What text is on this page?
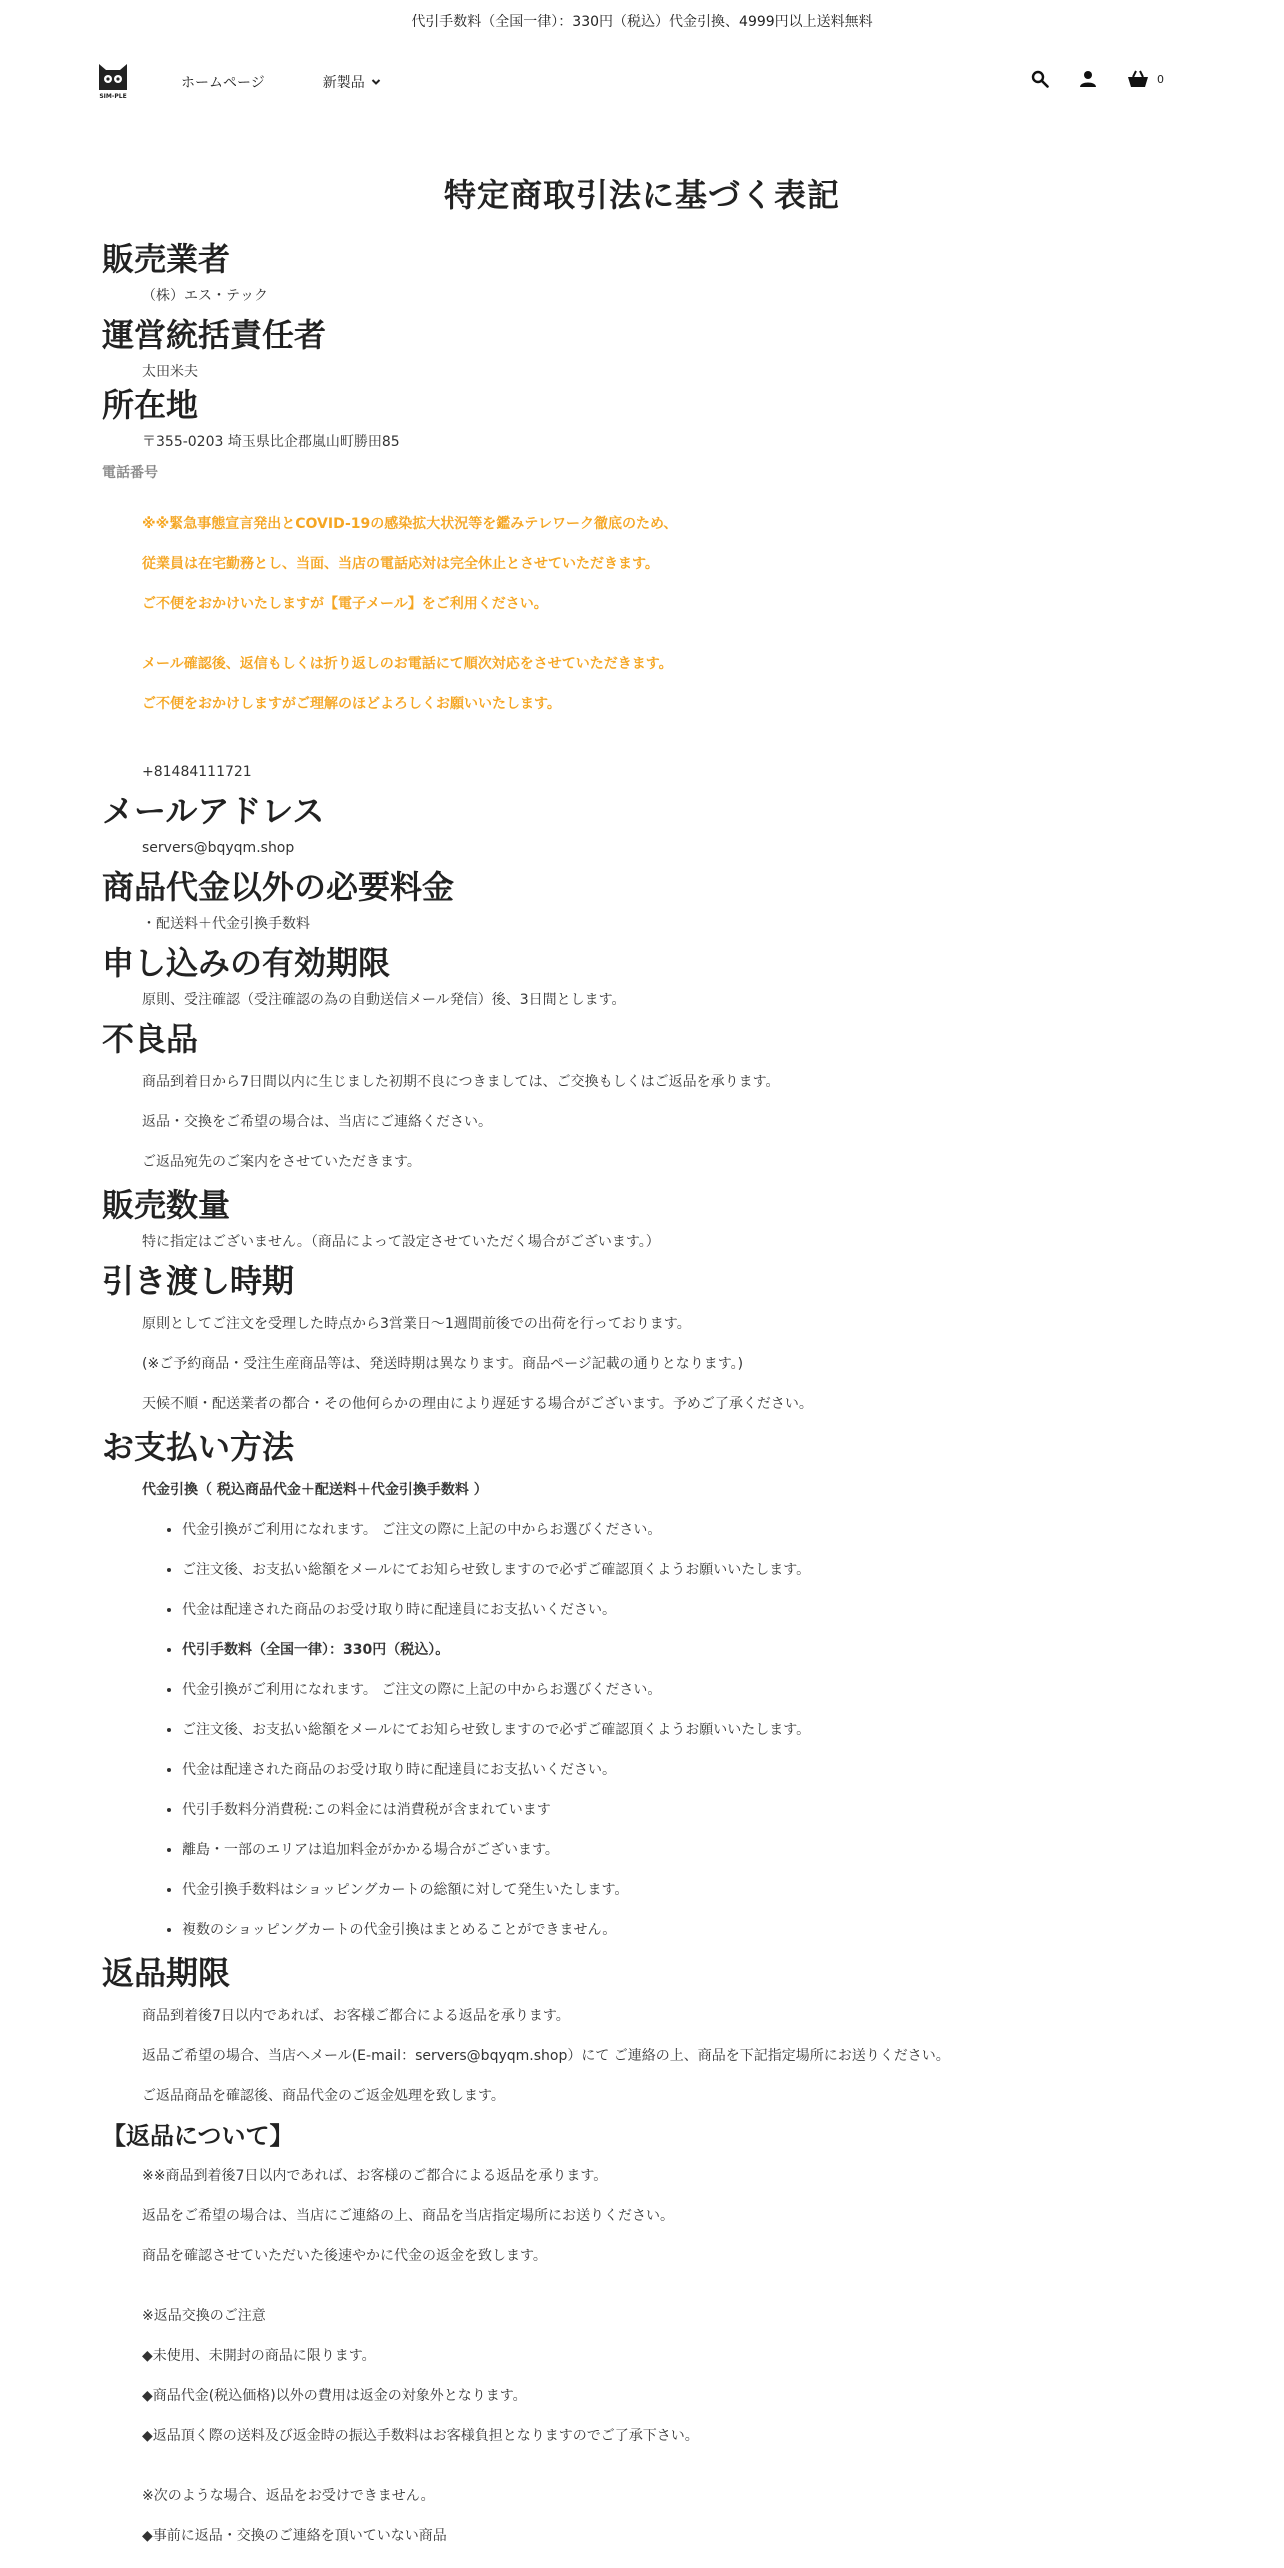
代引手数料（全国一律）：330円（税込）代金引換、4999円以上送料無料
SIM-PLE
ホームページ	新製品	0
特定商取引法に基づく表記
販売業者

（株）エス・テック

運営統括責任者

太田米夫

所在地

〒355-0203 埼玉県比企郡嵐山町勝田85

電話番号
※※緊急事態宣言発出とCOVID-19の感染拡大状況等を鑑みテレワーク徹底のため、
従業員は在宅勤務とし、当面、当店の電話応対は完全休止とさせていただきます。
ご不便をおかけいたしますが【電子メール】をご利用ください。
メール確認後、返信もしくは折り返しのお電話にて順次対応をさせていただきます。
ご不便をおかけしますがご理解のほどよろしくお願いいたします。

+81484111721

メールアドレス

servers@bqyqm.shop

商品代金以外の必要料金

・配送料＋代金引換手数料

申し込みの有効期限

原則、受注確認（受注確認の為の自動送信メール発信）後、3日間とします。

不良品

商品到着日から7日間以内に生じました初期不良につきましては、ご交換もしくはご返品を承ります。

返品・交換をご希望の場合は、当店にご連絡ください。

ご返品宛先のご案内をさせていただきます。

販売数量

特に指定はございません。（商品によって設定させていただく場合がございます。）

引き渡し時期

原則としてご注文を受理した時点から3営業日～1週間前後での出荷を行っております。

(※ご予約商品・受注生産商品等は、発送時期は異なります。商品ページ記載の通りとなります。)

天候不順・配送業者の都合・その他何らかの理由により遅延する場合がございます。予めご了承ください。

お支払い方法

代金引換（ 税込商品代金＋配送料＋代金引換手数料 ）

• 代金引換がご利用になれます。 ご注文の際に上記の中からお選びください。
• ご注文後、お支払い総額をメールにてお知らせ致しますので必ずご確認頂くようお願いいたします。
• 代金は配達された商品のお受け取り時に配達員にお支払いください。
• 代引手数料（全国一律）：330円（税込）。
• 代金引換がご利用になれます。 ご注文の際に上記の中からお選びください。
• ご注文後、お支払い総額をメールにてお知らせ致しますので必ずご確認頂くようお願いいたします。
• 代金は配達された商品のお受け取り時に配達員にお支払いください。
• 代引手数料分消費税:この料金には消費税が含まれています
• 離島・一部のエリアは追加料金がかかる場合がございます。
• 代金引換手数料はショッピングカートの総額に対して発生いたします。
• 複数のショッピングカートの代金引換はまとめることができません。
返品期限

商品到着後7日以内であれば、お客様ご都合による返品を承ります。

返品ご希望の場合、当店へメール(E-mail：servers@bqyqm.shop）にて ご連絡の上、商品を下記指定場所にお送りください。

ご返品商品を確認後、商品代金のご返金処理を致します。

【返品について】

※※商品到着後7日以内であれば、お客様のご都合による返品を承ります。

返品をご希望の場合は、当店にご連絡の上、商品を当店指定場所にお送りください。

商品を確認させていただいた後速やかに代金の返金を致します。

※返品交換のご注意

◆未使用、未開封の商品に限ります。

◆商品代金(税込価格)以外の費用は返金の対象外となります。

◆返品頂く際の送料及び返金時の振込手数料はお客様負担となりますのでご了承下さい。

※次のような場合、返品をお受けできません。

◆事前に返品・交換のご連絡を頂いていない商品
